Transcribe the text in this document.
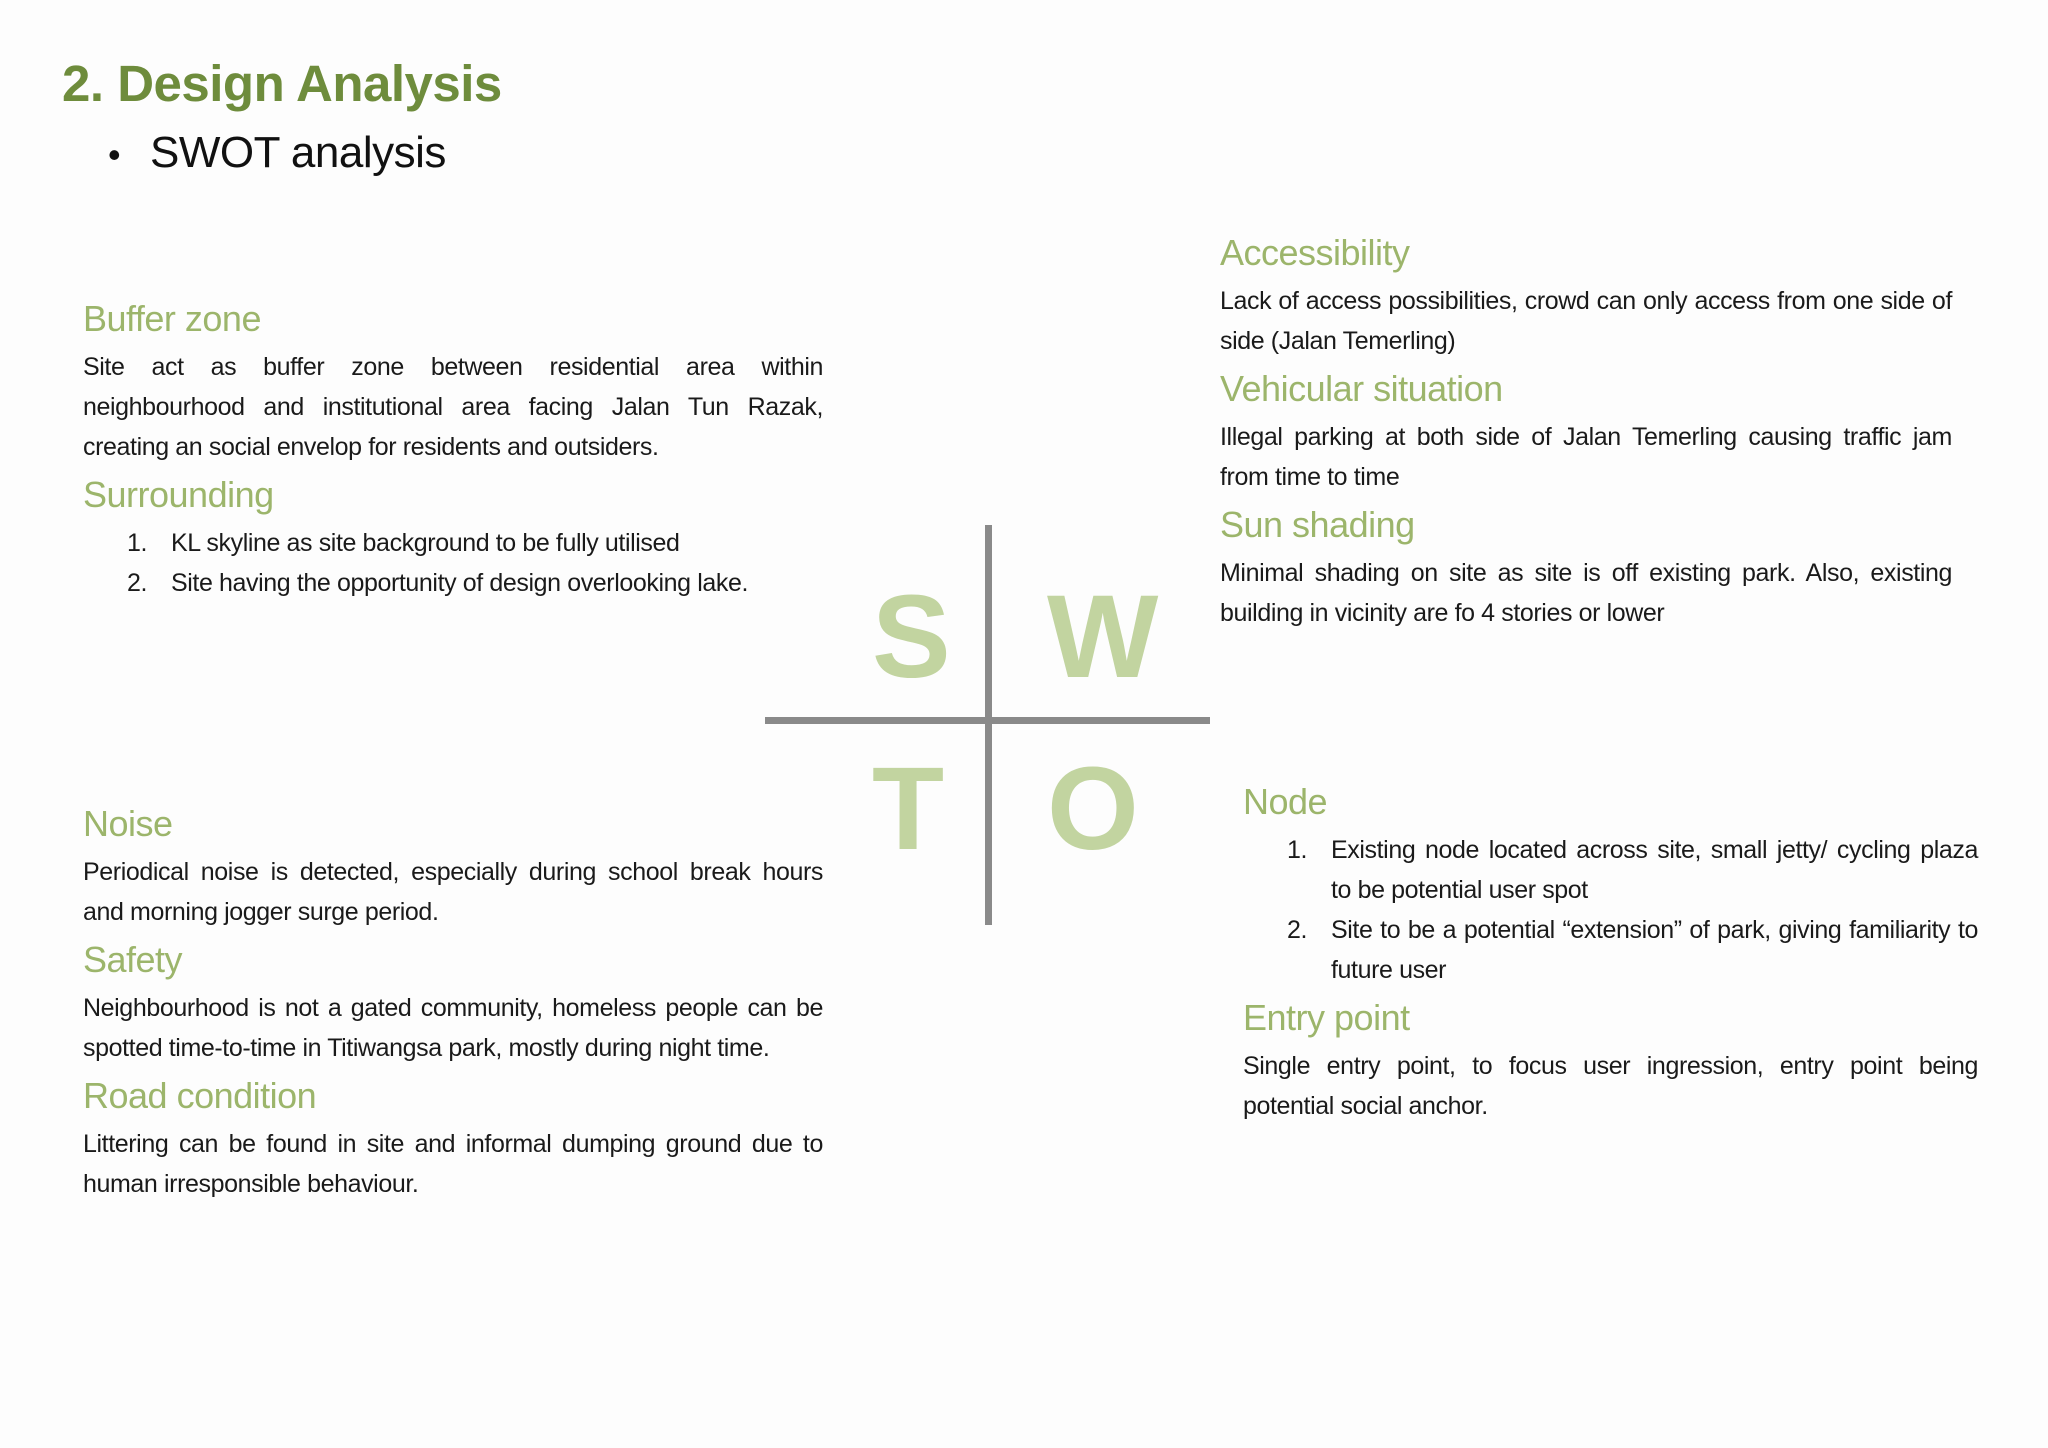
2. Design Analysis
• SWOT analysis
Buffer zone

Site act as buffer zone between residential area within neighbourhood and institutional area facing Jalan Tun Razak, creating an social envelop for residents and outsiders.

Surrounding
1. KL skyline as site background to be fully utilised
2. Site having the opportunity of design overlooking lake.
Accessibility

Lack of access possibilities, crowd can only access from one side of side (Jalan Temerling)

Vehicular situation

Illegal parking at both side of Jalan Temerling causing traffic jam from time to time

Sun shading

Minimal shading on site as site is off existing park. Also, existing building in vicinity are fo 4 stories or lower

S W
T O
Noise

Periodical noise is detected, especially during school break hours and morning jogger surge period.

Safety

Neighbourhood is not a gated community, homeless people can be spotted time-to-time in Titiwangsa park, mostly during night time.

Road condition

Littering can be found in site and informal dumping ground due to human irresponsible behaviour.

Node
1. Existing node located across site, small jetty/ cycling plaza to be potential user spot
2. Site to be a potential “extension” of park, giving familiarity to future user
Entry point

Single entry point, to focus user ingression, entry point being potential social anchor.
